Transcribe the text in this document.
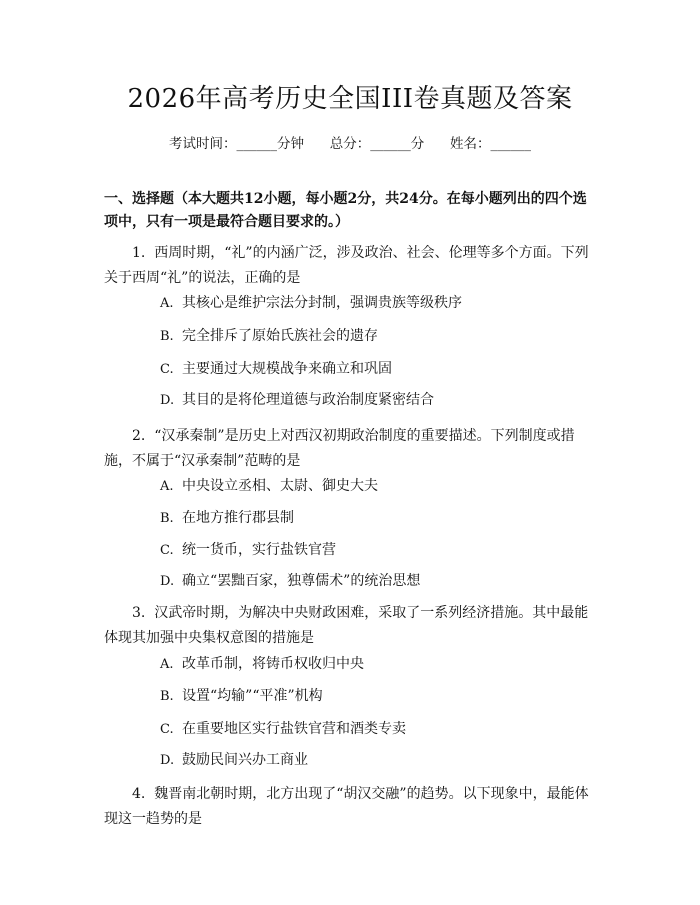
2026年高考历史全国III卷真题及答案
考试时间：______分钟      总分：______分      姓名：______
一、选择题（本大题共12小题，每小题2分，共24分。在每小题列出的四个选项中，只有一项是最符合题目要求的。）
1. 西周时期，“礼”的内涵广泛，涉及政治、社会、伦理等多个方面。下列关于西周“礼”的说法，正确的是
A. 其核心是维护宗法分封制，强调贵族等级秩序
B. 完全排斥了原始氏族社会的遗存
C. 主要通过大规模战争来确立和巩固
D. 其目的是将伦理道德与政治制度紧密结合
2. “汉承秦制”是历史上对西汉初期政治制度的重要描述。下列制度或措施，不属于“汉承秦制”范畴的是
A. 中央设立丞相、太尉、御史大夫
B. 在地方推行郡县制
C. 统一货币，实行盐铁官营
D. 确立“罢黜百家，独尊儒术”的统治思想
3. 汉武帝时期，为解决中央财政困难，采取了一系列经济措施。其中最能体现其加强中央集权意图的措施是
A. 改革币制，将铸币权收归中央
B. 设置“均输”“平准”机构
C. 在重要地区实行盐铁官营和酒类专卖
D. 鼓励民间兴办工商业
4. 魏晋南北朝时期，北方出现了“胡汉交融”的趋势。以下现象中，最能体现这一趋势的是
